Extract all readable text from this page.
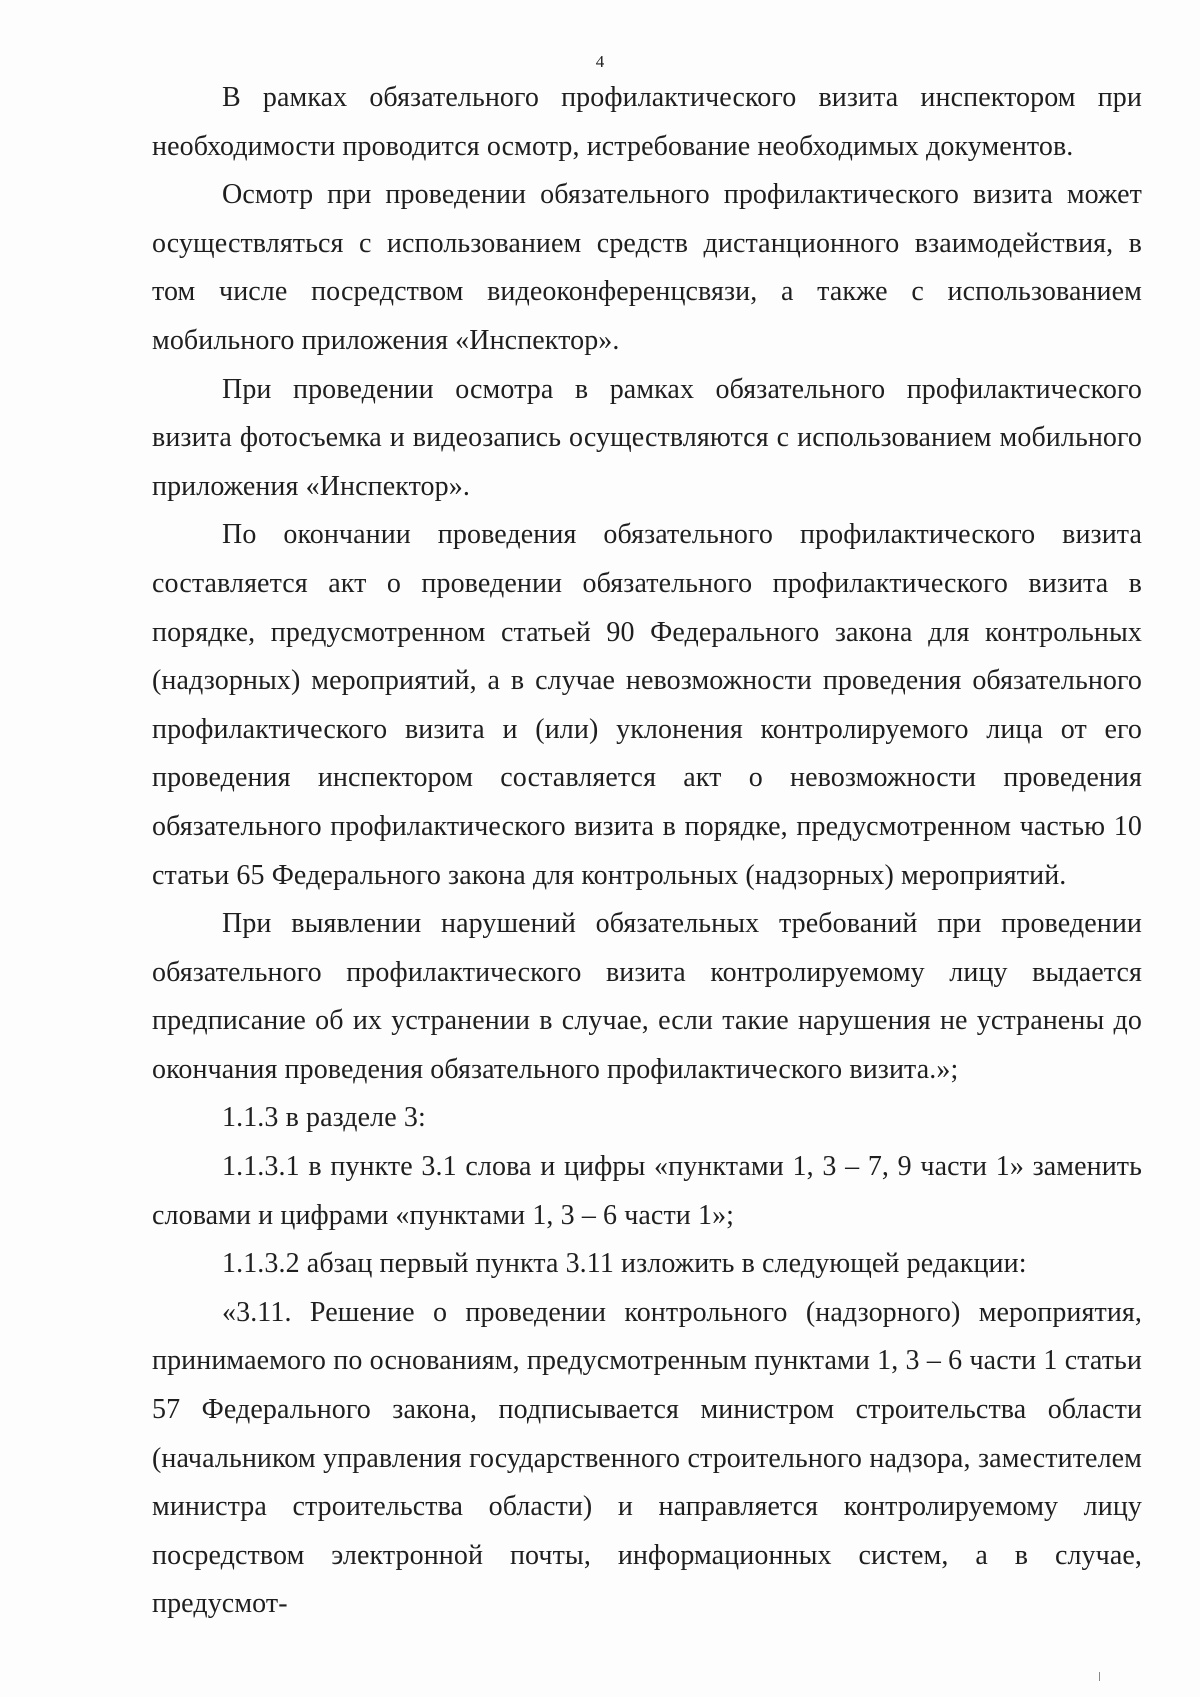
4

В рамках обязательного профилактического визита инспектором при необходимости проводится осмотр, истребование необходимых документов.

Осмотр при проведении обязательного профилактического визита может осуществляться с использованием средств дистанционного взаимодействия, в том числе посредством видеоконференцсвязи, а также с использованием мобильного приложения «Инспектор».

При проведении осмотра в рамках обязательного профилактического визита фотосъемка и видеозапись осуществляются с использованием мобильного приложения «Инспектор».

По окончании проведения обязательного профилактического визита составляется акт о проведении обязательного профилактического визита в порядке, предусмотренном статьей 90 Федерального закона для контрольных (надзорных) мероприятий, а в случае невозможности проведения обязательного профилактического визита и (или) уклонения контролируемого лица от его проведения инспектором составляется акт о невозможности проведения обязательного профилактического визита в порядке, предусмотренном частью 10 статьи 65 Федерального закона для контрольных (надзорных) мероприятий.

При выявлении нарушений обязательных требований при проведении обязательного профилактического визита контролируемому лицу выдается предписание об их устранении в случае, если такие нарушения не устранены до окончания проведения обязательного профилактического визита.»;

1.1.3 в разделе 3:

1.1.3.1 в пункте 3.1 слова и цифры «пунктами 1, 3 – 7, 9 части 1» заменить словами и цифрами «пунктами 1, 3 – 6 части 1»;

1.1.3.2 абзац первый пункта 3.11 изложить в следующей редакции:

«3.11. Решение о проведении контрольного (надзорного) мероприятия, принимаемого по основаниям, предусмотренным пунктами 1, 3 – 6 части 1 статьи 57 Федерального закона, подписывается министром строительства области (начальником управления государственного строительного надзора, заместителем министра строительства области) и направляется контролируемому лицу посредством электронной почты, информационных систем, а в случае, предусмот-
